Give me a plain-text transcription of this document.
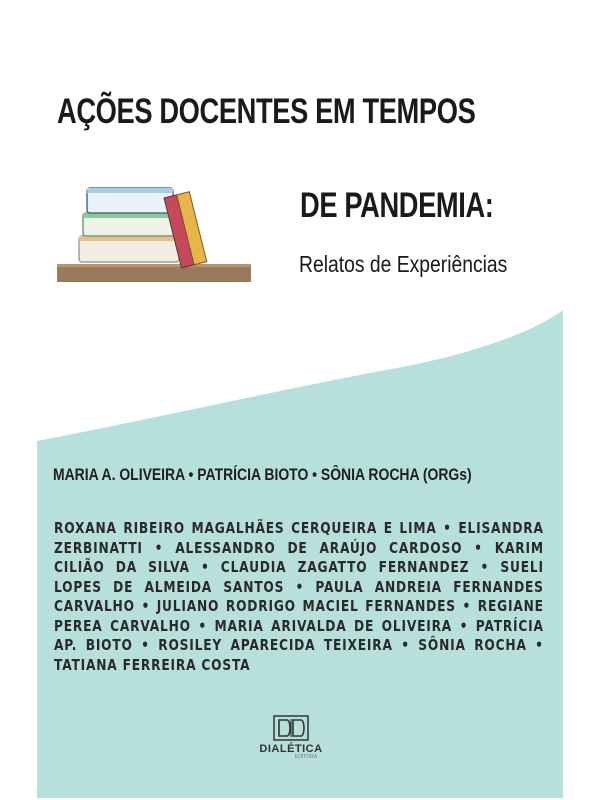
AÇÕES DOCENTES EM TEMPOS
DE PANDEMIA:
Relatos de Experiências
MARIA A. OLIVEIRA • PATRÍCIA BIOTO • SÔNIA ROCHA (ORGs)
ROXANA RIBEIRO MAGALHÃES CERQUEIRA E LIMA • ELISANDRA ZERBINATTI • ALESSANDRO DE ARAÚJO CARDOSO • KARIM CILIÃO DA SILVA • CLAUDIA ZAGATTO FERNANDEZ • SUELI LOPES DE ALMEIDA SANTOS • PAULA ANDREIA FERNANDES CARVALHO • JULIANO RODRIGO MACIEL FERNANDES • REGIANE PEREA CARVALHO • MARIA ARIVALDA DE OLIVEIRA • PATRÍCIA AP. BIOTO • ROSILEY APARECIDA TEIXEIRA • SÔNIA ROCHA • TATIANA FERREIRA COSTA
DIALÉTICA
EDITORA
